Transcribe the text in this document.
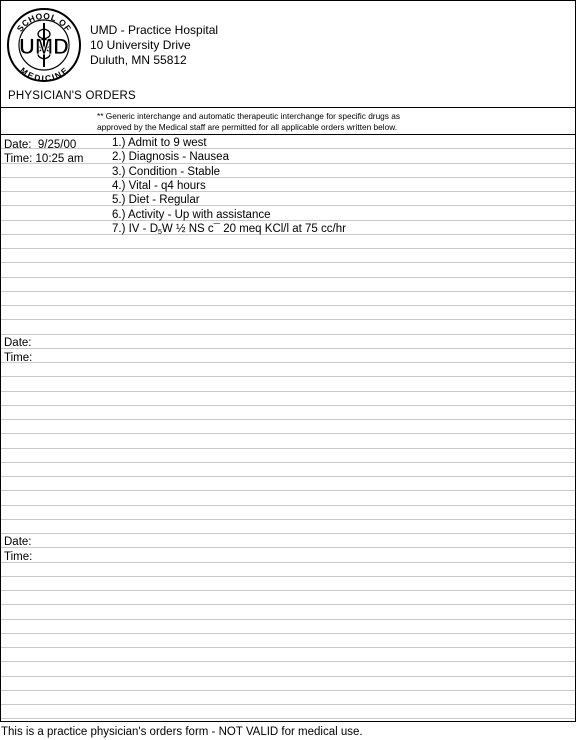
SCHOOL OF
MEDICINE
UMD
UMD - Practice Hospital
10 University Drive
Duluth, MN 55812
PHYSICIAN'S ORDERS
** Generic interchange and automatic therapeutic interchange for specific drugs as
approved by the Medical staff are permitted for all applicable orders written below.
Date: 9/25/00
Time: 10:25 am
1.) Admit to 9 west
2.) Diagnosis - Nausea
3.) Condition - Stable
4.) Vital - q4 hours
5.) Diet - Regular
6.) Activity - Up with assistance
7.) IV - $D_5W$ ½ NS c¯ 20 meq KCl/l at 75 cc/hr
Date:
Time:
Date:
Time:
This is a practice physician's orders form - NOT VALID for medical use.
